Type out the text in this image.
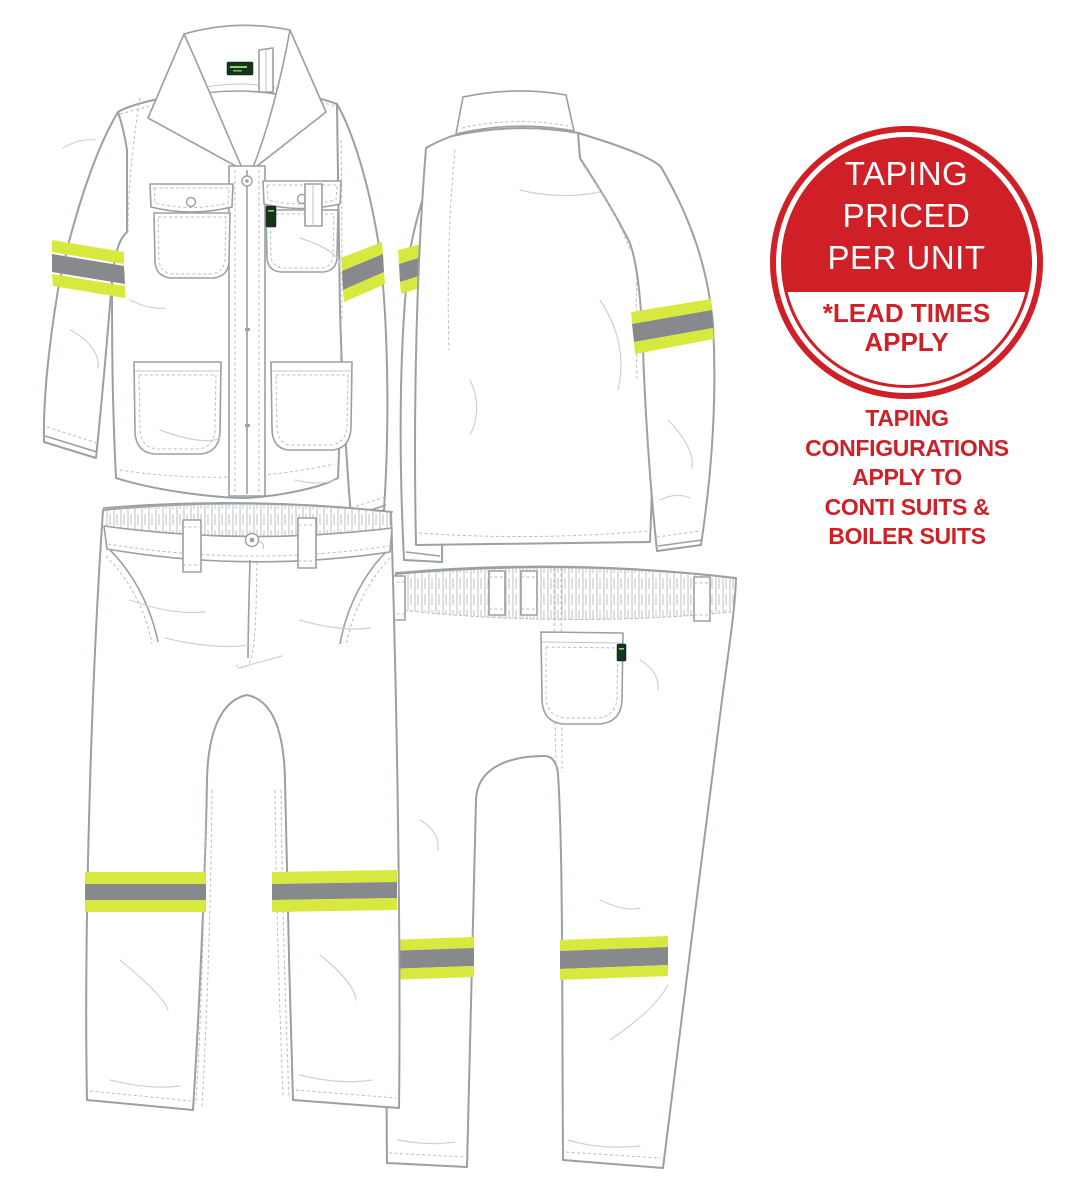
*LEAD TIMES
APPLY
TAPING
PRICED
PER UNIT
TAPING
CONFIGURATIONS
APPLY TO
CONTI SUITS &
BOILER SUITS
